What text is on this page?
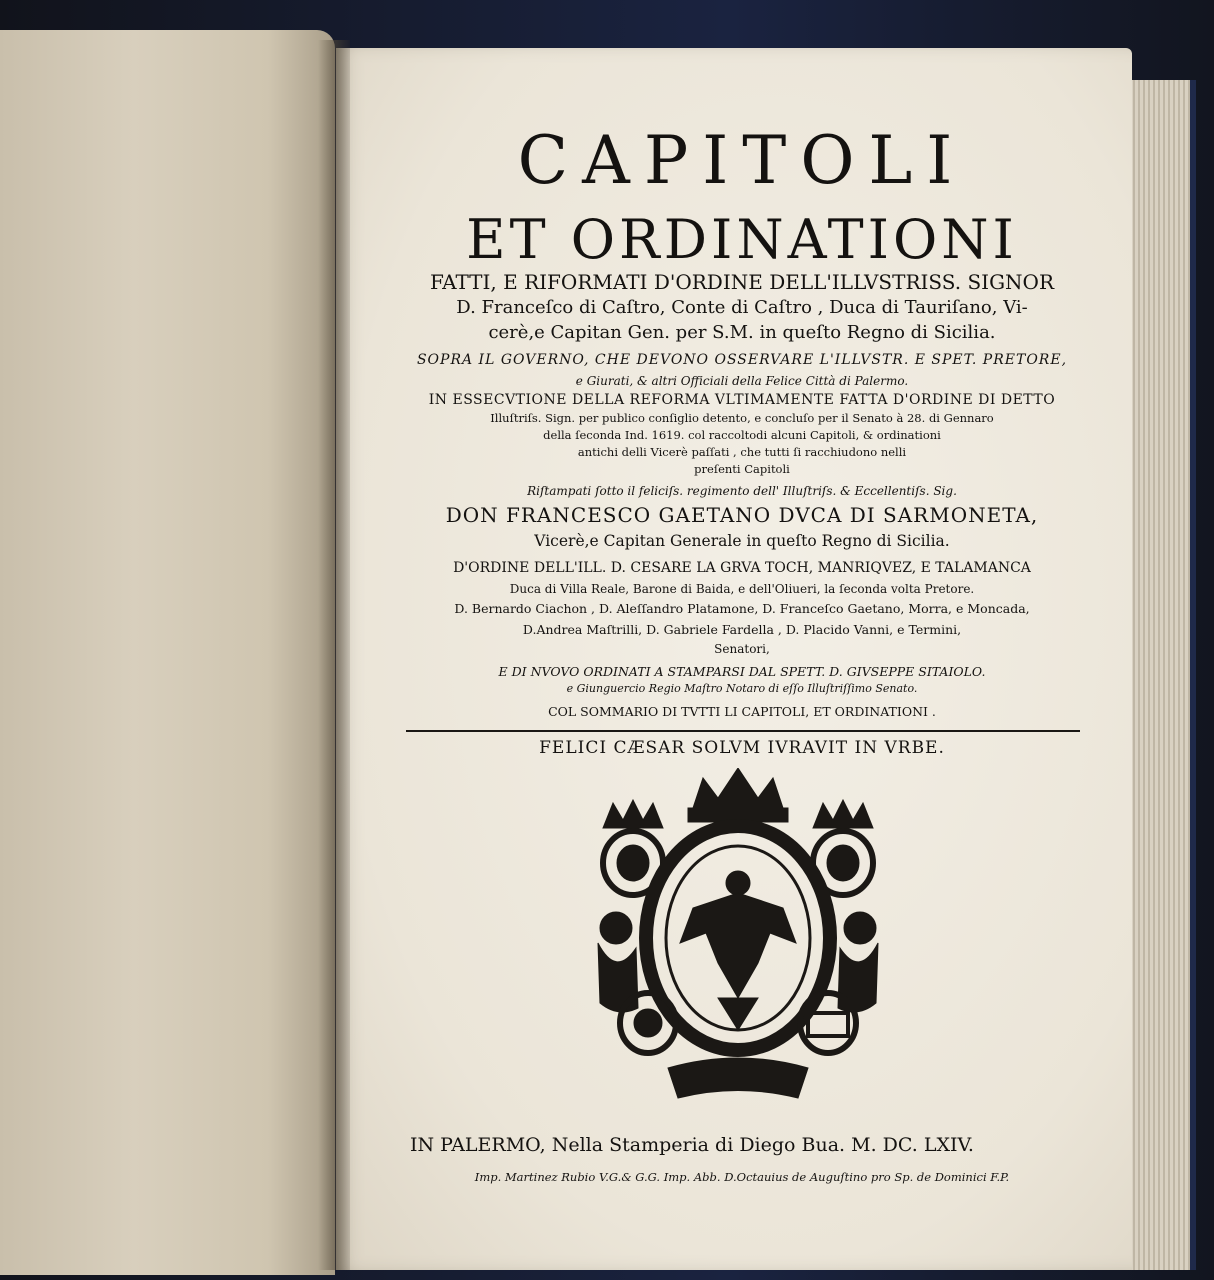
CAPITOLI
ET ORDINATIONI
FATTI, E RIFORMATI D'ORDINE DELL'ILLVSTRISS. SIGNOR
D. Franceſco di Caſtro, Conte di Caſtro , Duca di Tauriſano, Vi-
cerè,e Capitan Gen. per S.M. in queſto Regno di Sicilia.
SOPRA IL GOVERNO, CHE DEVONO OSSERVARE L'ILLVSTR. E SPET. PRETORE,
e Giurati, & altri Officiali della Felice Città di Palermo.
IN ESSECVTIONE DELLA REFORMA VLTIMAMENTE FATTA D'ORDINE DI DETTO
Illuſtriſs. Sign. per publico conſiglio detento, e concluſo per il Senato à 28. di Gennaro
della ſeconda Ind. 1619. col raccoltodi alcuni Capitoli, & ordinationi
antichi delli Vicerè paſſati , che tutti ſi racchiudono nelli
preſenti Capitoli
Riſtampati ſotto il feliciſs. regimento dell' Illuſtriſs. & Eccellentiſs. Sig.
DON FRANCESCO GAETANO DVCA DI SARMONETA,
Vicerè,e Capitan Generale in queſto Regno di Sicilia.
D'ORDINE DELL'ILL. D. CESARE LA GRVA TOCH, MANRIQVEZ, E TALAMANCA
Duca di Villa Reale, Barone di Baida, e dell'Oliueri, la ſeconda volta Pretore.
D. Bernardo Ciachon , D. Aleſſandro Platamone, D. Franceſco Gaetano, Morra, e Moncada,
D.Andrea Maſtrilli, D. Gabriele Fardella , D. Placido Vanni, e Termini,
Senatori,
E DI NVOVO ORDINATI A STAMPARSI DAL SPETT. D. GIVSEPPE SITAIOLO.
e Giunguercio Regio Maſtro Notaro di eſſo Illuſtriſſimo Senato.
COL SOMMARIO DI TVTTI LI CAPITOLI, ET ORDINATIONI .
FELICI CÆSAR SOLVM IVRAVIT IN VRBE.
SENATVS POPVLVSQ. PANORMITANVS VRBS FELIX ET REGNI CAPVT
IN PALERMO, Nella Stamperia di Diego Bua. M. DC. LXIV.
Imp. Martinez Rubio V.G.& G.G. Imp. Abb. D.Octauius de Auguſtino pro Sp. de Dominici F.P.
